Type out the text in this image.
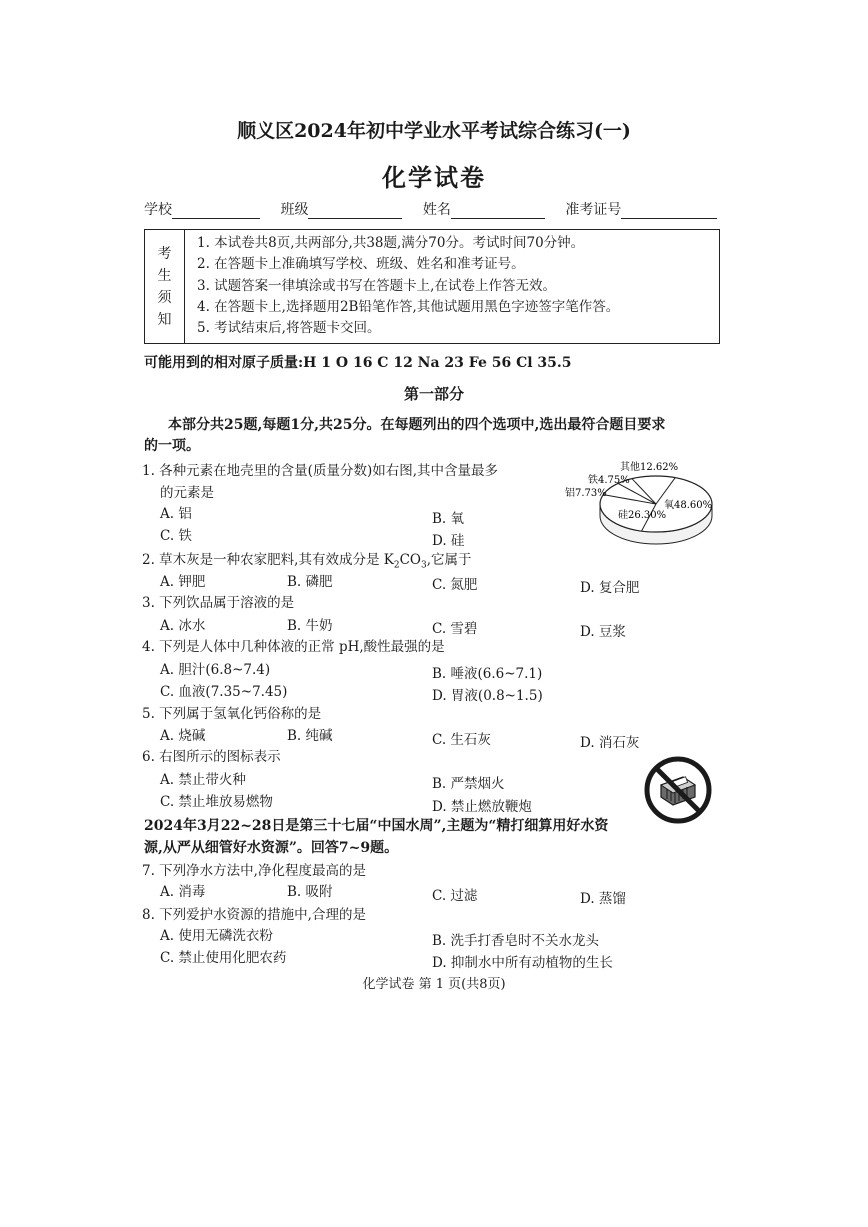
顺义区2024年初中学业水平考试综合练习(一)
化学试卷
学校	班级	姓名	准考证号
考
生
须
知
1. 本试卷共8页,共两部分,共38题,满分70分。考试时间70分钟。
2. 在答题卡上准确填写学校、班级、姓名和准考证号。
3. 试题答案一律填涂或书写在答题卡上,在试卷上作答无效。
4. 在答题卡上,选择题用2B铅笔作答,其他试题用黑色字迹签字笔作答。
5. 考试结束后,将答题卡交回。
可能用到的相对原子质量:H 1 O 16 C 12 Na 23 Fe 56 Cl 35.5
第一部分
本部分共25题,每题1分,共25分。在每题列出的四个选项中,选出最符合题目要求
的一项。
1. 各种元素在地壳里的含量(质量分数)如右图,其中含量最多
的元素是
A. 铝	B. 氧
C. 铁	D. 硅
其他12.62%
铁4.75%
铝7.73%
氧48.60%
硅26.30%
2. 草木灰是一种农家肥料,其有效成分是 $K_2CO_3$,它属于
A. 钾肥	B. 磷肥	C. 氮肥	D. 复合肥
3. 下列饮品属于溶液的是
A. 冰水	B. 牛奶	C. 雪碧	D. 豆浆
4. 下列是人体中几种体液的正常 pH,酸性最强的是
A. 胆汁(6.8~7.4)	B. 唾液(6.6~7.1)
C. 血液(7.35~7.45)	D. 胃液(0.8~1.5)
5. 下列属于氢氧化钙俗称的是
A. 烧碱	B. 纯碱	C. 生石灰	D. 消石灰
6. 右图所示的图标表示
A. 禁止带火种	B. 严禁烟火
C. 禁止堆放易燃物	D. 禁止燃放鞭炮
2024年3月22~28日是第三十七届“中国水周”,主题为“精打细算用好水资
源,从严从细管好水资源”。回答7~9题。
7. 下列净水方法中,净化程度最高的是
A. 消毒	B. 吸附	C. 过滤	D. 蒸馏
8. 下列爱护水资源的措施中,合理的是
A. 使用无磷洗衣粉	B. 洗手打香皂时不关水龙头
C. 禁止使用化肥农药	D. 抑制水中所有动植物的生长
化学试卷 第 1 页(共8页)
